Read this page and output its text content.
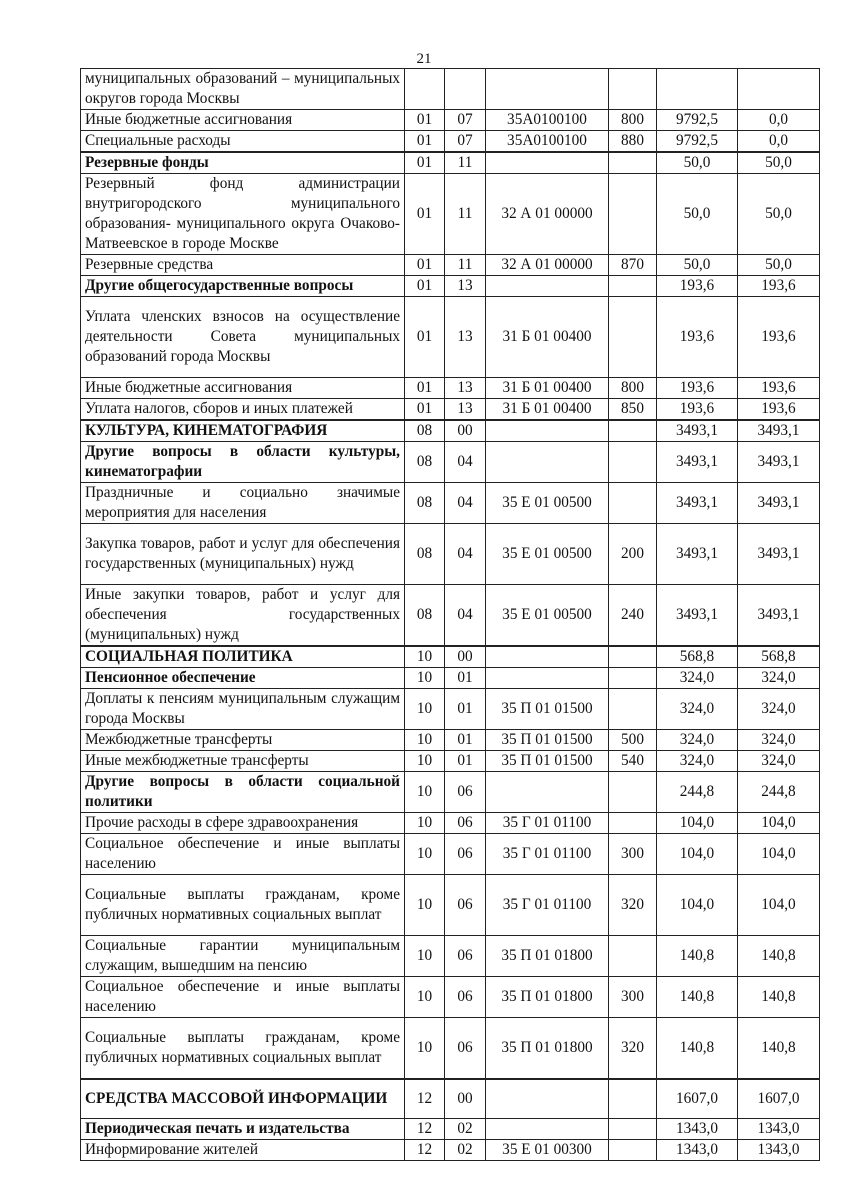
21
муниципальных образований – муниципальных округов города Москвы						
Иные бюджетные ассигнования	01	07	35А0100100	800	9792,5	0,0
Специальные расходы	01	07	35А0100100	880	9792,5	0,0
Резервные фонды	01	11			50,0	50,0
Резервный фонд администрации внутригородского муниципального образования- муниципального округа Очаково-Матвеевское в городе Москве	01	11	32 А 01 00000		50,0	50,0
Резервные средства	01	11	32 А 01 00000	870	50,0	50,0
Другие общегосударственные вопросы	01	13			193,6	193,6
Уплата членских взносов на осуществление деятельности Совета муниципальных образований города Москвы	01	13	31 Б 01 00400		193,6	193,6
Иные бюджетные ассигнования	01	13	31 Б 01 00400	800	193,6	193,6
Уплата налогов, сборов и иных платежей	01	13	31 Б 01 00400	850	193,6	193,6
КУЛЬТУРА, КИНЕМАТОГРАФИЯ	08	00			3493,1	3493,1
Другие вопросы в области культуры, кинематографии	08	04			3493,1	3493,1
Праздничные и социально значимые мероприятия для населения	08	04	35 Е 01 00500		3493,1	3493,1
Закупка товаров, работ и услуг для обеспечения государственных (муниципальных) нужд	08	04	35 Е 01 00500	200	3493,1	3493,1
Иные закупки товаров, работ и услуг для обеспечения государственных (муниципальных) нужд	08	04	35 Е 01 00500	240	3493,1	3493,1
СОЦИАЛЬНАЯ ПОЛИТИКА	10	00			568,8	568,8
Пенсионное обеспечение	10	01			324,0	324,0
Доплаты к пенсиям муниципальным служащим города Москвы	10	01	35 П 01 01500		324,0	324,0
Межбюджетные трансферты	10	01	35 П 01 01500	500	324,0	324,0
Иные межбюджетные трансферты	10	01	35 П 01 01500	540	324,0	324,0
Другие вопросы в области социальной политики	10	06			244,8	244,8
Прочие расходы в сфере здравоохранения	10	06	35 Г 01 01100		104,0	104,0
Социальное обеспечение и иные выплаты населению	10	06	35 Г 01 01100	300	104,0	104,0
Социальные выплаты гражданам, кроме публичных нормативных социальных выплат	10	06	35 Г 01 01100	320	104,0	104,0
Социальные гарантии муниципальным служащим, вышедшим на пенсию	10	06	35 П 01 01800		140,8	140,8
Социальное обеспечение и иные выплаты населению	10	06	35 П 01 01800	300	140,8	140,8
Социальные выплаты гражданам, кроме публичных нормативных социальных выплат	10	06	35 П 01 01800	320	140,8	140,8
СРЕДСТВА МАССОВОЙ ИНФОРМАЦИИ	12	00			1607,0	1607,0
Периодическая печать и издательства	12	02			1343,0	1343,0
Информирование жителей	12	02	35 Е 01 00300		1343,0	1343,0
